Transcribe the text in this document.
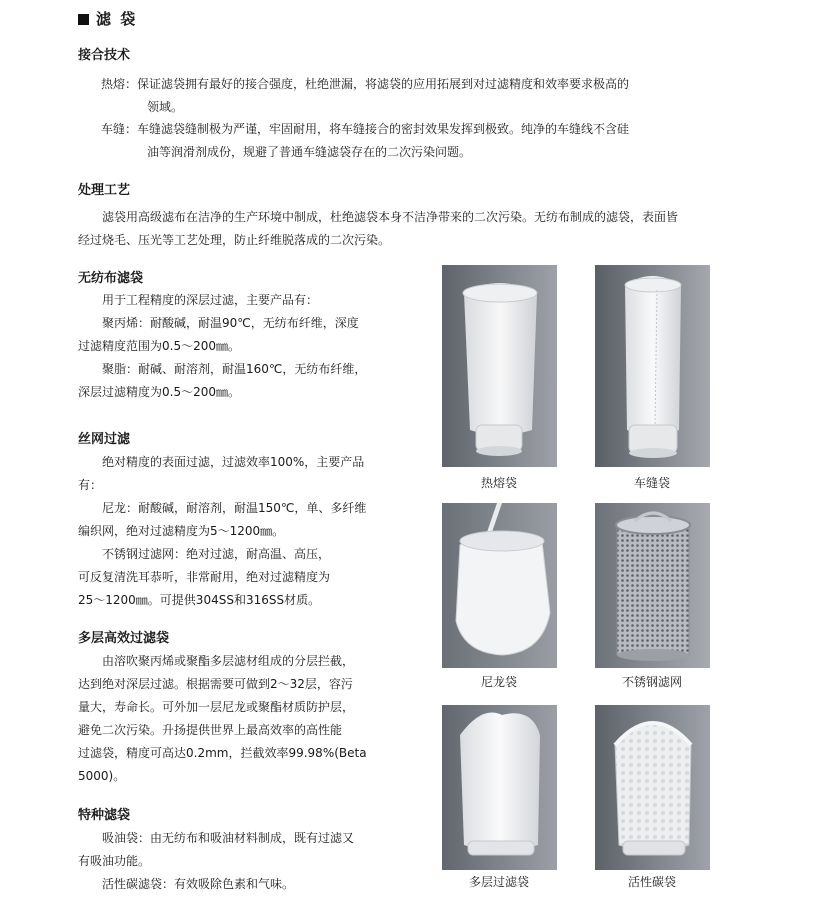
滤 袋
接合技术
热熔：保证滤袋拥有最好的接合强度，杜绝泄漏，将滤袋的应用拓展到对过滤精度和效率要求极高的
领域。
车缝：车缝滤袋缝制极为严谨，牢固耐用，将车缝接合的密封效果发挥到极致。纯净的车缝线不含硅
油等润滑剂成份，规避了普通车缝滤袋存在的二次污染问题。
处理工艺
滤袋用高级滤布在洁净的生产环境中制成，杜绝滤袋本身不洁净带来的二次污染。无纺布制成的滤袋，表面皆
经过烧毛、压光等工艺处理，防止纤维脱落成的二次污染。
无纺布滤袋
用于工程精度的深层过滤，主要产品有：
聚丙烯：耐酸碱，耐温90℃，无纺布纤维，深度
过滤精度范围为0.5～200㎜。
聚脂：耐碱、耐溶剂，耐温160℃，无纺布纤维，
深层过滤精度为0.5～200㎜。
丝网过滤
绝对精度的表面过滤，过滤效率100%，主要产品
有：
尼龙：耐酸碱，耐溶剂，耐温150℃，单、多纤维
编织网，绝对过滤精度为5～1200㎜。
不锈钢过滤网：绝对过滤，耐高温、高压，
可反复清洗耳恭听，非常耐用，绝对过滤精度为
25～1200㎜。可提供304SS和316SS材质。
多层高效过滤袋
由溶吹聚丙烯或聚酯多层滤材组成的分层拦截，
达到绝对深层过滤。根据需要可做到2～32层，容污
量大，寿命长。可外加一层尼龙或聚酯材质防护层，
避免二次污染。升扬提供世界上最高效率的高性能
过滤袋，精度可高达0.2mm，拦截效率99.98%(Beta
5000)。
特种滤袋
吸油袋：由无纺布和吸油材料制成，既有过滤又
有吸油功能。
活性碳滤袋：有效吸除色素和气味。
热熔袋	车缝袋
尼龙袋	不锈钢滤网
多层过滤袋	活性碳袋
